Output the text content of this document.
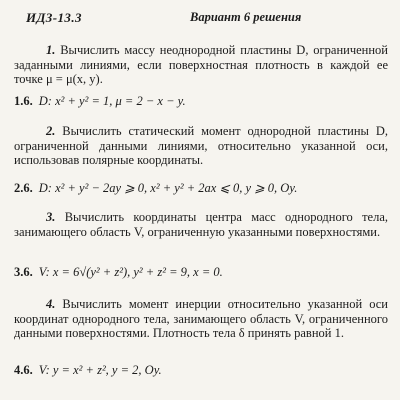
ИДЗ-13.3	Вариант 6 решения
1. Вычислить массу неоднородной пластины D, ограниченной заданными линиями, если поверхностная плотность в каждой ее точке μ = μ(x, y).
1.6. D: x² + y² = 1, μ = 2 − x − y.
2. Вычислить статический момент однородной пластины D, ограниченной данными линиями, относительно указанной оси, использовав полярные координаты.
2.6. D: x² + y² − 2ay ⩾ 0, x² + y² + 2ax ⩽ 0, y ⩾ 0, Oy.
3. Вычислить координаты центра масс однородного тела, занимающего область V, ограниченную указанными поверхностями.
3.6. V: x = 6√(y² + z²), y² + z² = 9, x = 0.
4. Вычислить момент инерции относительно указанной оси координат однородного тела, занимающего область V, ограниченного данными поверхностями. Плотность тела δ принять равной 1.
4.6. V: y = x² + z², y = 2, Oy.
